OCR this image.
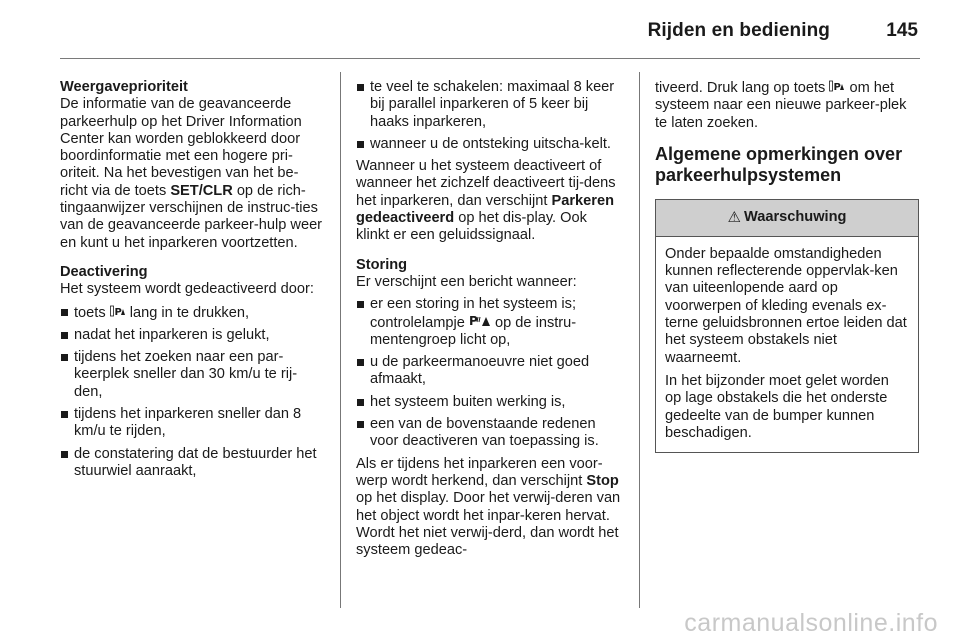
Rijden en bediening	145

Weergaveprioriteit

De informatie van de geavanceerde parkeerhulp op het Driver Information Center kan worden geblokkeerd door boordinformatie met een hogere pri-oriteit. Na het bevestigen van het be-richt via de toets SET/CLR op de rich-tingaanwijzer verschijnen de instruc-ties van de geavanceerde parkeer-hulp weer en kunt u het inparkeren voortzetten.

Deactivering

Het systeem wordt gedeactiveerd door:

toets P lang in te drukken,
nadat het inparkeren is gelukt,
tijdens het zoeken naar een par-keerplek sneller dan 30 km/u te rij-den,
tijdens het inparkeren sneller dan 8 km/u te rijden,
de constatering dat de bestuurder het stuurwiel aanraakt,
te veel te schakelen: maximaal 8 keer bij parallel inparkeren of 5 keer bij haaks inparkeren,
wanneer u de ontsteking uitscha-kelt.

Wanneer u het systeem deactiveert of wanneer het zichzelf deactiveert tij-dens het inparkeren, dan verschijnt Parkeren gedeactiveerd op het dis-play. Ook klinkt er een geluidssignaal.

Storing

Er verschijnt een bericht wanneer:

er een storing in het systeem is; controlelampje P op de instru-mentengroep licht op,
u de parkeermanoeuvre niet goed afmaakt,
het systeem buiten werking is,
een van de bovenstaande redenen voor deactiveren van toepassing is.

Als er tijdens het inparkeren een voor-werp wordt herkend, dan verschijnt Stop op het display. Door het verwij-deren van het object wordt het inpar-keren hervat. Wordt het niet verwij-derd, dan wordt het systeem gedeac-

tiveerd. Druk lang op toets P om het systeem naar een nieuwe parkeer-plek te laten zoeken.

Algemene opmerkingen over parkeerhulpsystemen

⚠ Waarschuwing

Onder bepaalde omstandigheden kunnen reflecterende oppervlak-ken van uiteenlopende aard op voorwerpen of kleding evenals ex-terne geluidsbronnen ertoe leiden dat het systeem obstakels niet waarneemt.

In het bijzonder moet gelet worden op lage obstakels die het onderste gedeelte van de bumper kunnen beschadigen.

carmanualsonline.info
